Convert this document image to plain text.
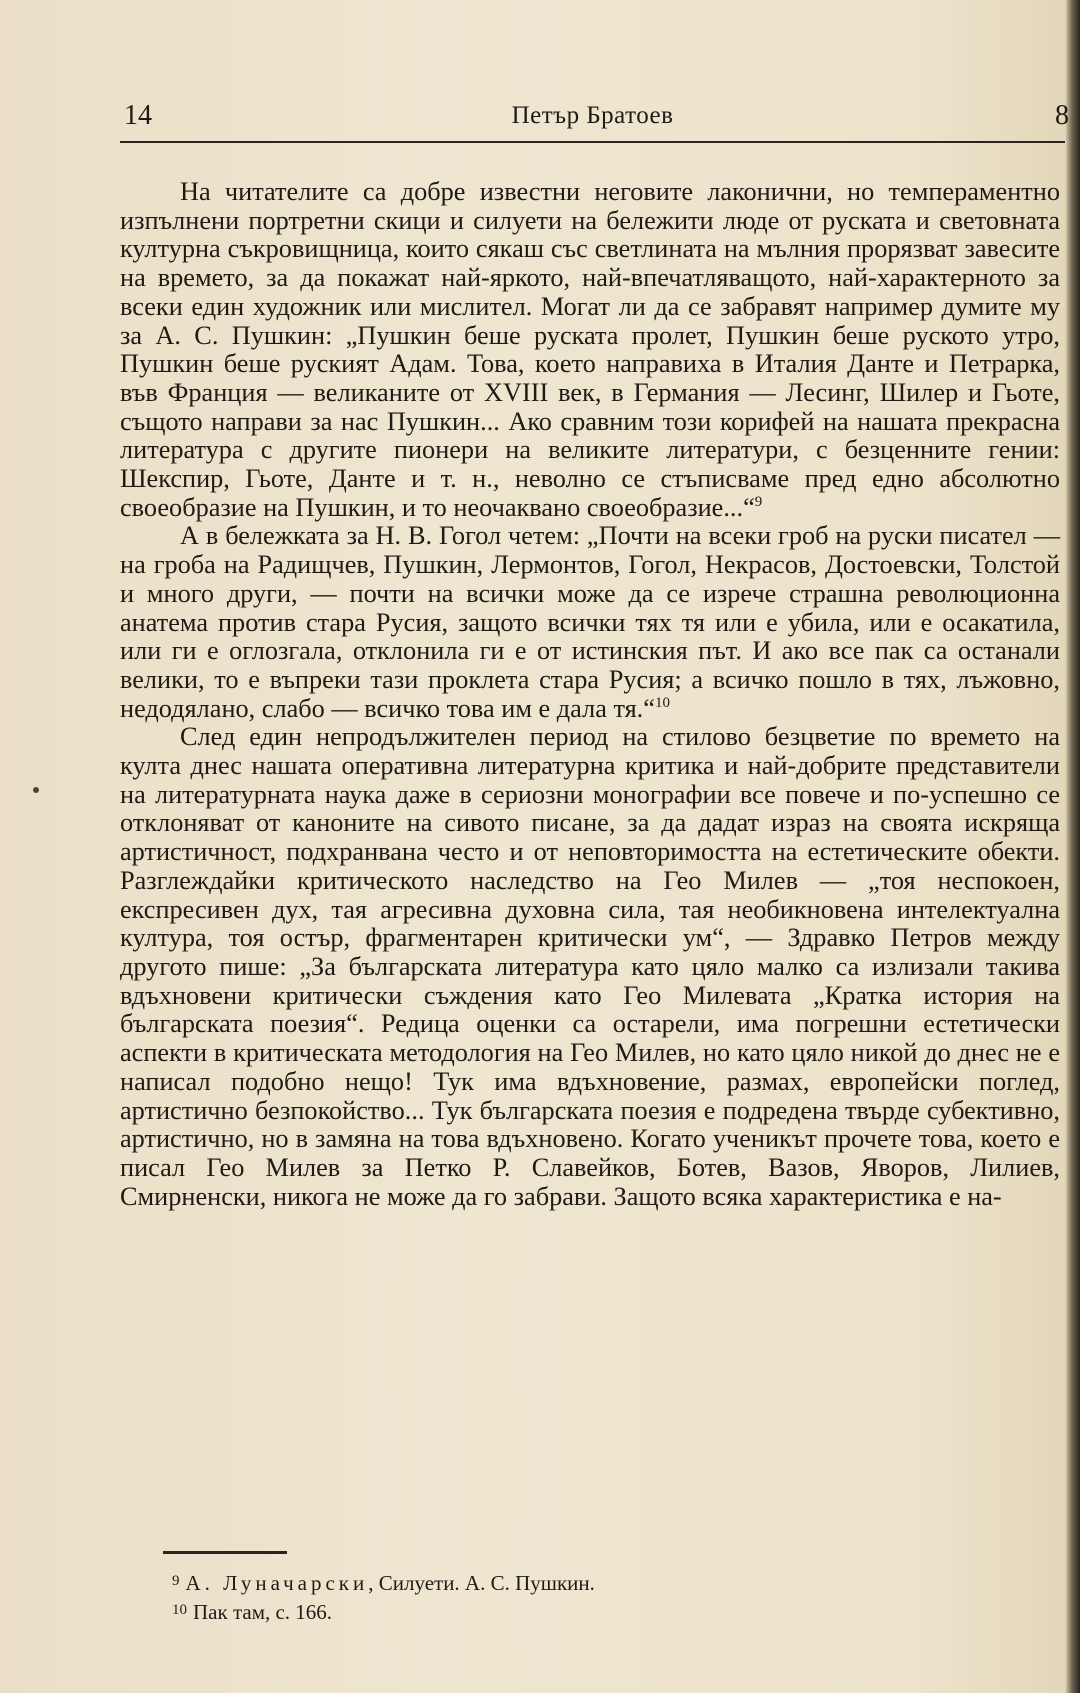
14	Петър Братоев	8

На читателите са добре известни неговите лаконични, но темпераментно изпълнени портретни скици и силуети на бележити люде от руската и световната културна съкровищница, които сякаш със светлината на мълния прорязват завесите на времето, за да покажат най-яркото, най-впечатляващото, най-характерното за всеки един художник или мислител. Могат ли да се забравят например думите му за А. С. Пушкин: „Пушкин беше руската пролет, Пушкин беше руското утро, Пушкин беше руският Адам. Това, което направиха в Италия Данте и Петрарка, във Франция — великаните от XVIII век, в Германия — Лесинг, Шилер и Гьоте, същото направи за нас Пушкин... Ако сравним този корифей на нашата прекрасна литература с другите пионери на великите литератури, с безценните гении: Шекспир, Гьоте, Данте и т. н., неволно се стъписваме пред едно абсолютно своеобразие на Пушкин, и то неочаквано своеобразие...“$^9$

А в бележката за Н. В. Гогол четем: „Почти на всеки гроб на руски писател — на гроба на Радищчев, Пушкин, Лермонтов, Гогол, Некрасов, Достоевски, Толстой и много други, — почти на всички може да се изрече страшна революционна анатема против стара Русия, защото всички тях тя или е убила, или е осакатила, или ги е оглозгала, отклонила ги е от истинския път. И ако все пак са останали велики, то е въпреки тази проклета стара Русия; а всичко пошло в тях, лъжовно, недодялано, слабо — всичко това им е дала тя.“$^{10}$

След един непродължителен период на стилово безцветие по времето на култа днес нашата оперативна литературна критика и най-добрите представители на литературната наука даже в сериозни монографии все повече и по-успешно се отклоняват от канoните на сивото писане, за да дадат израз на своята искряща артистичност, подхранвана често и от неповторимостта на естетическите обекти. Разглеждайки критическото наследство на Гео Милев — „тоя неспокоен, експресивен дух, тая агресивна духовна сила, тая необикновена интелектуална култура, тоя остър, фрагментарен критически ум“, — Здравко Петров между другото пише: „За българската литература като цяло малко са излизали такива вдъхновени критически съждения като Гео Милевата „Кратка история на българската поезия“. Редица оценки са остарели, има погрешни естетически аспекти в критическата методология на Гео Милев, но като цяло никой до днес не е написал подобно нещо! Тук има вдъхновение, размах, европейски поглед, артистично безпокойство... Тук българската поезия е подредена твърде субективно, артистично, но в замяна на това вдъхновено. Когато ученикът прочете това, което е писал Гео Милев за Петко Р. Славейков, Ботев, Вазов, Яворов, Лилиев, Смирненски, никога не може да го забрави. Защото всяка характеристика е на-

$^9$ А. Луначарски, Силуети. А. С. Пушкин.
$^{10}$ Пак там, с. 166.
